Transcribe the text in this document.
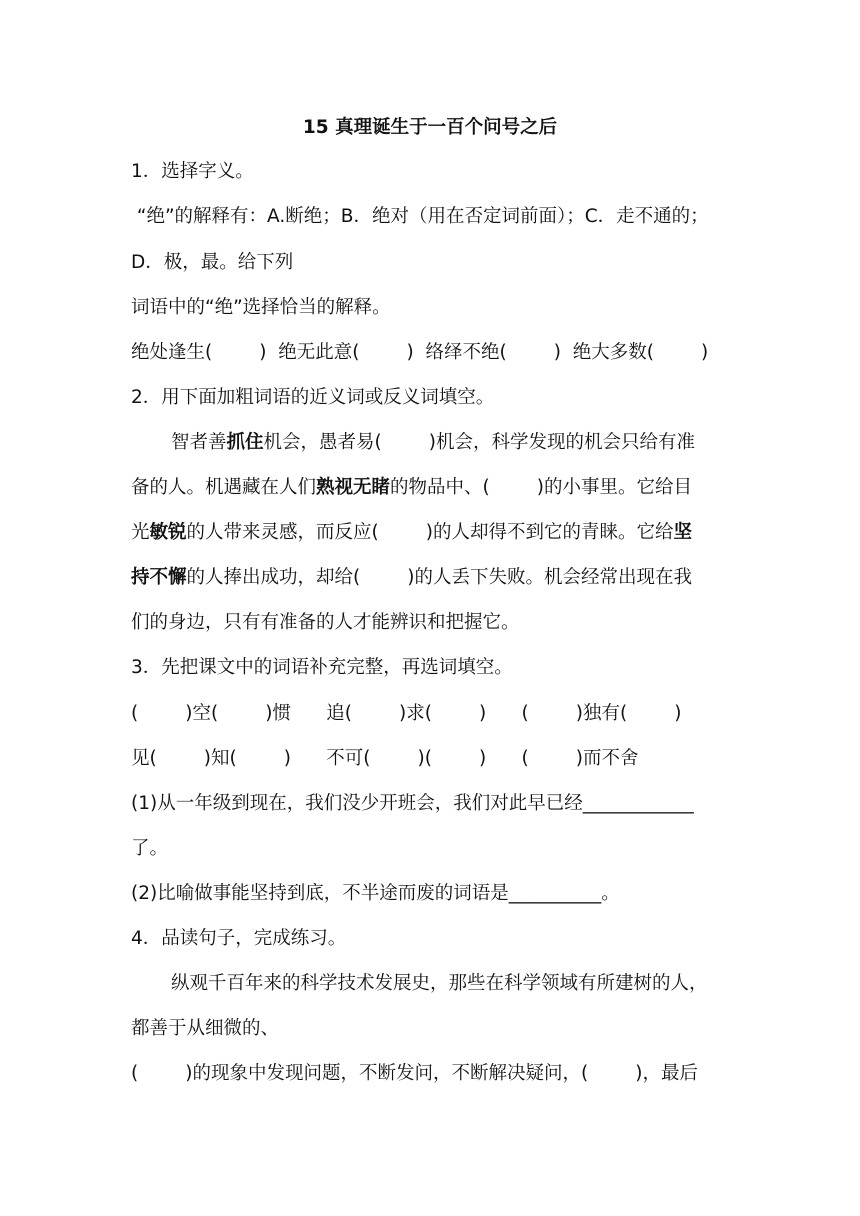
15 真理诞生于一百个问号之后
1．选择字义。
“绝”的解释有：A.断绝；B．绝对（用在否定词前面）；C．走不通的；
D．极，最。给下列
词语中的“绝”选择恰当的解释。
绝处逢生(        )  绝无此意(        )  络绎不绝(        )  绝大多数(        )
2．用下面加粗词语的近义词或反义词填空。
智者善抓住机会，愚者易(        )机会，科学发现的机会只给有准
备的人。机遇藏在人们熟视无睹的物品中、(        )的小事里。它给目
光敏锐的人带来灵感，而反应(        )的人却得不到它的青睐。它给坚
持不懈的人捧出成功，却给(        )的人丢下失败。机会经常出现在我
们的身边，只有有准备的人才能辨识和把握它。
3．先把课文中的词语补充完整，再选词填空。
(        )空(        )惯      追(        )求(        )      (        )独有(        )
见(        )知(        )      不可(        )(        )      (        )而不舍
(1)从一年级到现在，我们没少开班会，我们对此早已经____________
了。
(2)比喻做事能坚持到底，不半途而废的词语是__________。
4．品读句子，完成练习。
纵观千百年来的科学技术发展史，那些在科学领域有所建树的人，
都善于从细微的、
(        )的现象中发现问题，不断发问，不断解决疑问，(        )，最后
